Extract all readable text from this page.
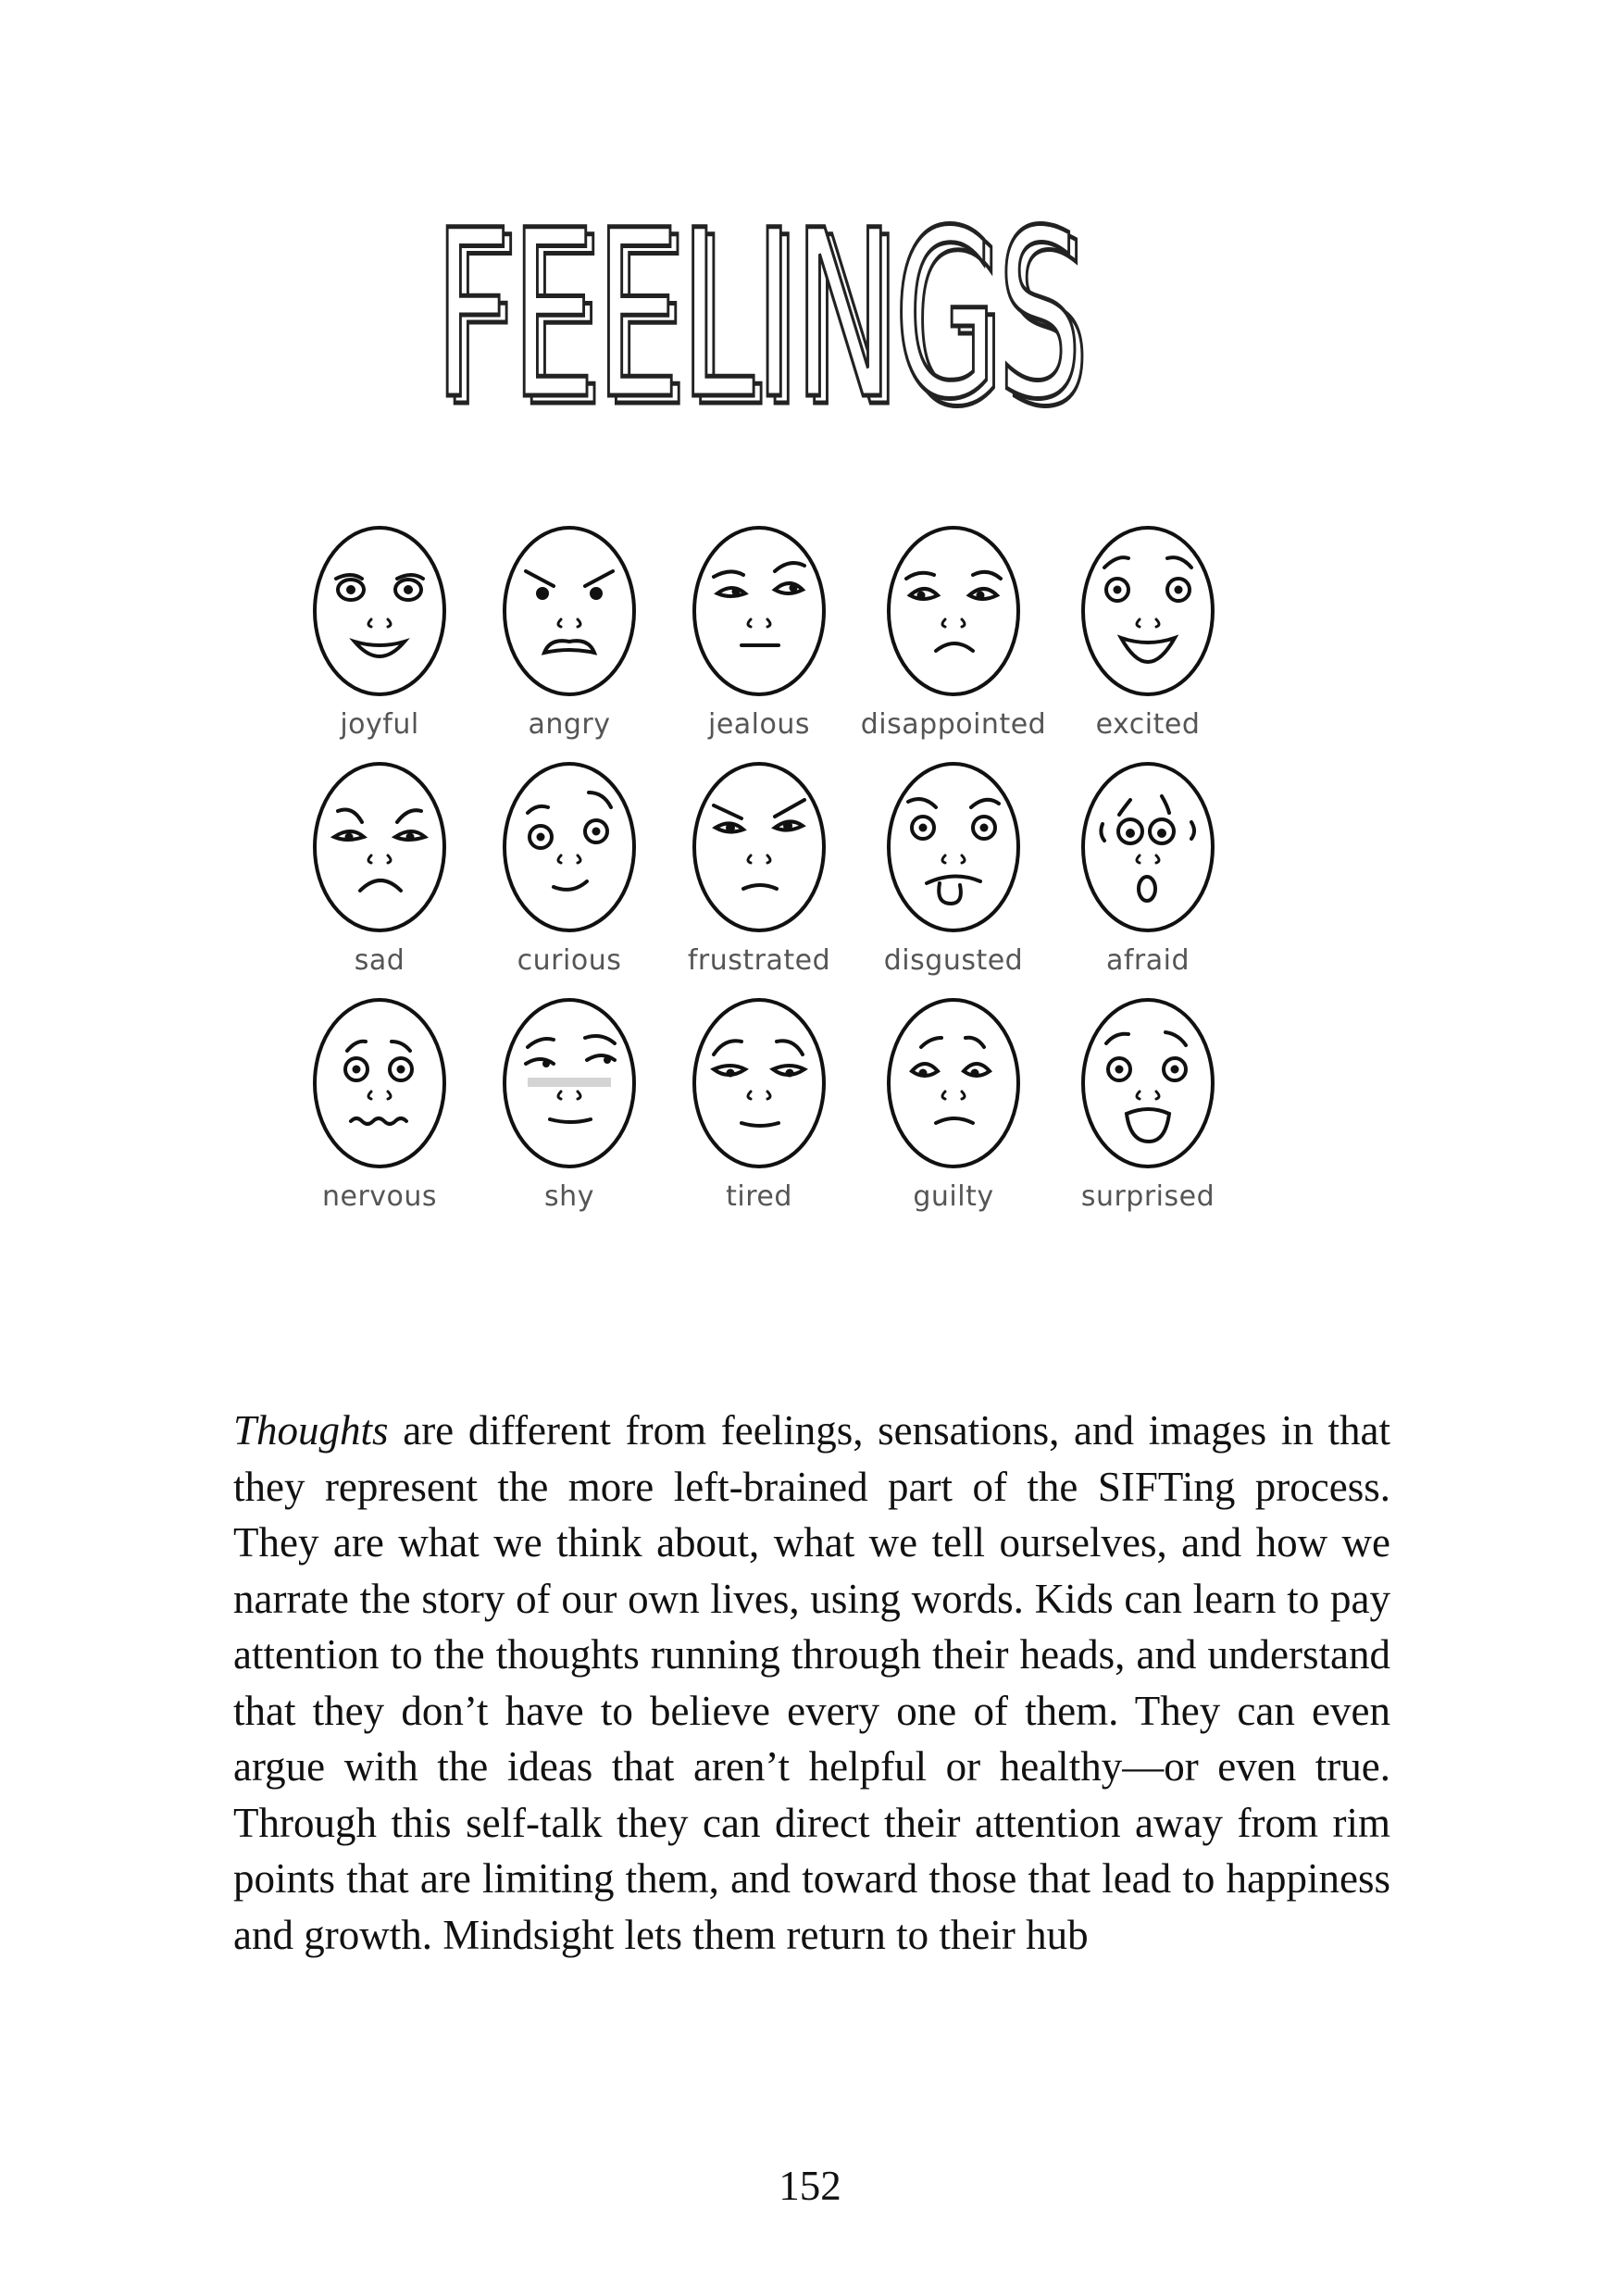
FEELINGS
FEELINGS
joyful	angry	jealous	disappointed	excited
sad	curious	frustrated	disgusted	afraid
nervous	shy	tired	guilty	surprised

Thoughts are different from feelings, sensations, and images in that they represent the more left-brained part of the SIFTing process. They are what we think about, what we tell ourselves, and how we narrate the story of our own lives, using words. Kids can learn to pay attention to the thoughts running through their heads, and understand that they don’t have to believe every one of them. They can even argue with the ideas that aren’t helpful or healthy—or even true. Through this self-talk they can direct their attention away from rim points that are limiting them, and toward those that lead to happiness and growth. Mindsight lets them return to their hub

152
